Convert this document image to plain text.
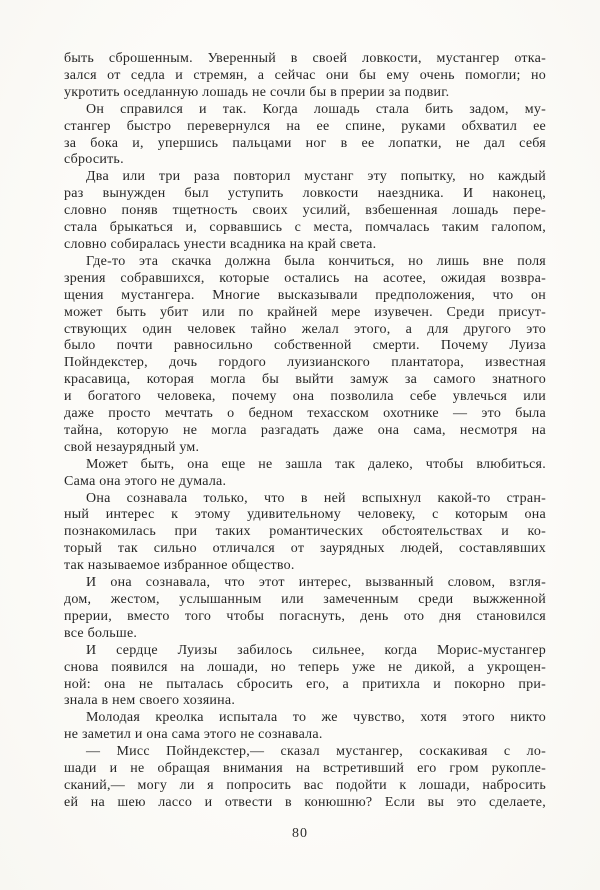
быть сброшенным. Уверенный в своей ловкости, мустангер отка-
зался от седла и стремян, а сейчас они бы ему очень помогли; но
укротить оседланную лошадь не сочли бы в прерии за подвиг.
Он справился и так. Когда лошадь стала бить задом, му-
стангер быстро перевернулся на ее спине, руками обхватил ее
за бока и, упершись пальцами ног в ее лопатки, не дал себя
сбросить.
Два или три раза повторил мустанг эту попытку, но каждый
раз вынужден был уступить ловкости наездника. И наконец,
словно поняв тщетность своих усилий, взбешенная лошадь пере-
стала брыкаться и, сорвавшись с места, помчалась таким галопом,
словно собиралась унести всадника на край света.
Где-то эта скачка должна была кончиться, но лишь вне поля
зрения собравшихся, которые остались на асотее, ожидая возвра-
щения мустангера. Многие высказывали предположения, что он
может быть убит или по крайней мере изувечен. Среди присут-
ствующих один человек тайно желал этого, а для другого это
было почти равносильно собственной смерти. Почему Луиза
Пойндекстер, дочь гордого луизианского плантатора, известная
красавица, которая могла бы выйти замуж за самого знатного
и богатого человека, почему она позволила себе увлечься или
даже просто мечтать о бедном техасском охотнике — это была
тайна, которую не могла разгадать даже она сама, несмотря на
свой незаурядный ум.
Может быть, она еще не зашла так далеко, чтобы влюбиться.
Сама она этого не думала.
Она сознавала только, что в ней вспыхнул какой-то стран-
ный интерес к этому удивительному человеку, с которым она
познакомилась при таких романтических обстоятельствах и ко-
торый так сильно отличался от заурядных людей, составлявших
так называемое избранное общество.
И она сознавала, что этот интерес, вызванный словом, взгля-
дом, жестом, услышанным или замеченным среди выжженной
прерии, вместо того чтобы погаснуть, день ото дня становился
все больше.
И сердце Луизы забилось сильнее, когда Морис-мустангер
снова появился на лошади, но теперь уже не дикой, а укрощен-
ной: она не пыталась сбросить его, а притихла и покорно при-
знала в нем своего хозяина.
Молодая креолка испытала то же чувство, хотя этого никто
не заметил и она сама этого не сознавала.
— Мисс Пойндекстер,— сказал мустангер, соскакивая с ло-
шади и не обращая внимания на встретивший его гром рукопле-
сканий,— могу ли я попросить вас подойти к лошади, набросить
ей на шею лассо и отвести в конюшню? Если вы это сделаете,
80
